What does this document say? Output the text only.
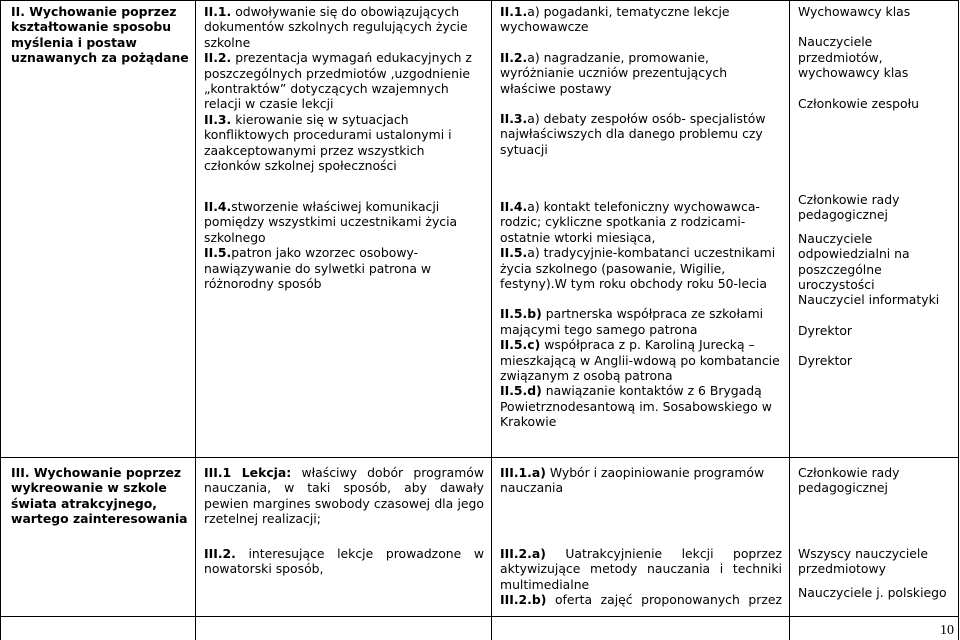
II. Wychowanie poprzez kształtowanie sposobu myślenia i postaw uznawanych za pożądane

II.1. odwoływanie się do obowiązujących dokumentów szkolnych regulujących życie szkolne

II.2. prezentacja wymagań edukacyjnych z poszczególnych przedmiotów ,uzgodnienie „kontraktów” dotyczących wzajemnych relacji w czasie lekcji

II.3. kierowanie się w sytuacjach konfliktowych procedurami ustalonymi i zaakceptowanymi przez wszystkich członków szkolnej społeczności

II.4.stworzenie właściwej komunikacji pomiędzy wszystkimi uczestnikami życia szkolnego

II.5.patron jako wzorzec osobowy- nawiązywanie do sylwetki patrona w różnorodny sposób

II.1.a) pogadanki, tematyczne lekcje wychowawcze

II.2.a) nagradzanie, promowanie, wyróżnianie uczniów prezentujących właściwe postawy

II.3.a) debaty zespołów osób- specjalistów najwłaściwszych dla danego problemu czy sytuacji

II.4.a) kontakt telefoniczny wychowawca-rodzic; cykliczne spotkania z rodzicami- ostatnie wtorki miesiąca,

II.5.a) tradycyjnie-kombatanci uczestnikami życia szkolnego (pasowanie, Wigilie, festyny).W tym roku obchody roku 50-lecia

II.5.b) partnerska współpraca ze szkołami mającymi tego samego patrona

II.5.c) współpraca z p. Karoliną Jurecką – mieszkającą w Anglii-wdową po kombatancie związanym z osobą patrona

II.5.d) nawiązanie kontaktów z 6 Brygadą Powietrznodesantową im. Sosabowskiego w Krakowie

Wychowawcy klas

Nauczyciele przedmiotów, wychowawcy klas

Członkowie zespołu

Członkowie rady pedagogicznej

Nauczyciele odpowiedzialni na poszczególne uroczystości

Nauczyciel informatyki

Dyrektor

Dyrektor

III. Wychowanie poprzez wykreowanie w szkole świata atrakcyjnego, wartego zainteresowania
III.1 Lekcja: właściwy dobór programów nauczania, w taki sposób, aby dawały pewien margines swobody czasowej dla jego rzetelnej realizacji;
III.2. interesujące lekcje prowadzone w nowatorski sposób,
III.1.a) Wybór i zaopiniowanie programów nauczania

III.2.a) Uatrakcyjnienie lekcji poprzez aktywizujące metody nauczania i techniki multimedialne

III.2.b) oferta zajęć proponowanych przez

Członkowie rady pedagogicznej

Wszyscy nauczyciele przedmiotowy

Nauczyciele j. polskiego

10
